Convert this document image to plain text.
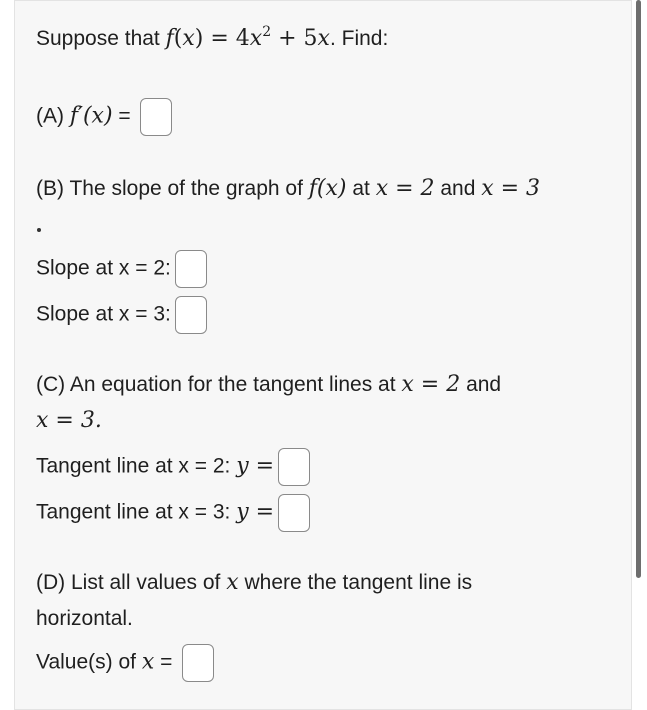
Suppose that $f(x) = 4x^2 + 5x$. Find:
(A) f′(x) =
(B) The slope of the graph of f(x) at x = 2 and x = 3
Slope at x = 2:
Slope at x = 3:
(C) An equation for the tangent lines at x = 2 and
x = 3.
Tangent line at x = 2: y =
Tangent line at x = 3: y =
(D) List all values of x where the tangent line is
horizontal.
Value(s) of x =
